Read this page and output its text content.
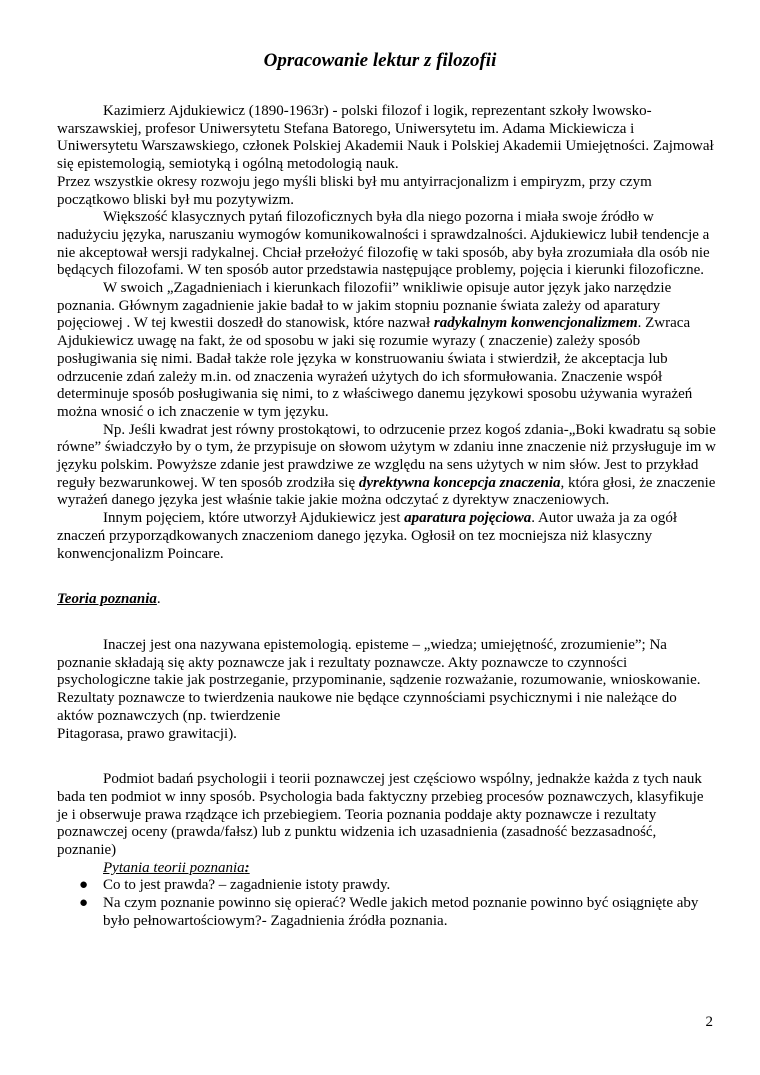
Opracowanie lektur z filozofii

Kazimierz Ajdukiewicz (1890-1963r) - polski filozof i logik, reprezentant szkoły lwowsko-warszawskiej, profesor Uniwersytetu Stefana Batorego, Uniwersytetu im. Adama Mickiewicza i Uniwersytetu Warszawskiego, członek Polskiej Akademii Nauk i Polskiej Akademii Umiejętności. Zajmował się epistemologią, semiotyką i ogólną metodologią nauk.

Przez wszystkie okresy rozwoju jego myśli bliski był mu antyirracjonalizm i empiryzm, przy czym początkowo bliski był mu pozytywizm.

Większość klasycznych pytań filozoficznych była dla niego pozorna i miała swoje źródło w nadużyciu języka, naruszaniu wymogów komunikowalności i sprawdzalności. Ajdukiewicz lubił tendencje a nie akceptował wersji radykalnej. Chciał przełożyć filozofię w taki sposób, aby była zrozumiała dla osób nie będących filozofami. W ten sposób autor przedstawia następujące problemy, pojęcia i kierunki filozoficzne.

W swoich „Zagadnieniach i kierunkach filozofii” wnikliwie opisuje autor język jako narzędzie poznania. Głównym zagadnienie jakie badał to w jakim stopniu poznanie świata zależy od aparatury pojęciowej . W tej kwestii doszedł do stanowisk, które nazwał radykalnym konwencjonalizmem. Zwraca Ajdukiewicz uwagę na fakt, że od sposobu w jaki się rozumie wyrazy ( znaczenie) zależy sposób posługiwania się nimi. Badał także role języka w konstruowaniu świata i stwierdził, że akceptacja lub odrzucenie zdań zależy m.in. od znaczenia wyrażeń użytych do ich sformułowania. Znaczenie współ determinuje sposób posługiwania się nimi, to z właściwego danemu językowi sposobu używania wyrażeń można wnosić o ich znaczenie w tym języku.

Np. Jeśli kwadrat jest równy prostokątowi, to odrzucenie przez kogoś zdania-„Boki kwadratu są sobie równe” świadczyło by o tym, że przypisuje on słowom użytym w zdaniu inne znaczenie niż przysługuje im w języku polskim. Powyższe zdanie jest prawdziwe ze względu na sens użytych w nim słów. Jest to przykład reguły bezwarunkowej. W ten sposób zrodziła się dyrektywna koncepcja znaczenia, która głosi, że znaczenie wyrażeń danego języka jest właśnie takie jakie można odczytać z dyrektyw znaczeniowych.

Innym pojęciem, które utworzył Ajdukiewicz jest aparatura pojęciowa. Autor uważa ja za ogół znaczeń przyporządkowanych znaczeniom danego języka. Ogłosił on tez mocniejsza niż klasyczny konwencjonalizm Poincare.

Teoria poznania.

Inaczej jest ona nazywana epistemologią. episteme – „wiedza; umiejętność, zrozumienie”; Na poznanie składają się akty poznawcze jak i rezultaty poznawcze. Akty poznawcze to czynności psychologiczne takie jak postrzeganie, przypominanie, sądzenie rozważanie, rozumowanie, wnioskowanie. Rezultaty poznawcze to twierdzenia naukowe nie będące czynnościami psychicznymi i nie należące do aktów poznawczych (np. twierdzenie

Pitagorasa, prawo grawitacji).

Podmiot badań psychologii i teorii poznawczej jest częściowo wspólny, jednakże każda z tych nauk bada ten podmiot w inny sposób. Psychologia bada faktyczny przebieg procesów poznawczych, klasyfikuje je i obserwuje prawa rządzące ich przebiegiem. Teoria poznania poddaje akty poznawcze i rezultaty poznawczej oceny (prawda/fałsz) lub z punktu widzenia ich uzasadnienia (zasadność bezzasadność, poznanie)

Pytania teorii poznania:

● Co to jest prawda? – zagadnienie istoty prawdy.
● Na czym poznanie powinno się opierać? Wedle jakich metod poznanie powinno być osiągnięte aby było pełnowartościowym?- Zagadnienia źródła poznania.
2
